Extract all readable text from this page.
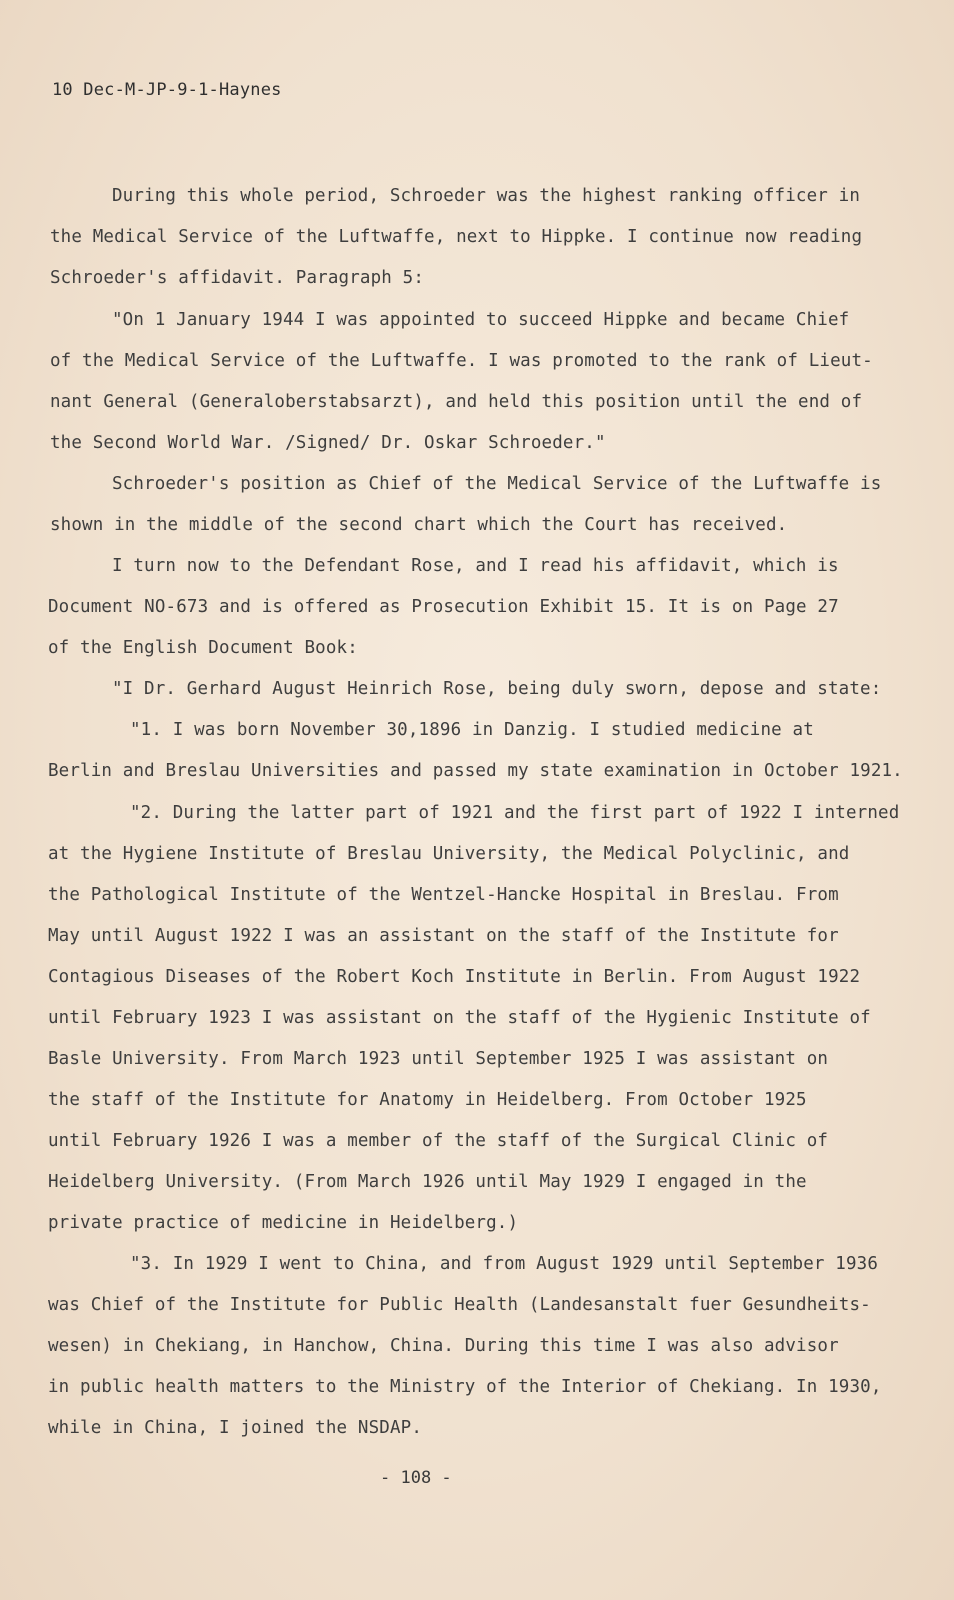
10 Dec-M-JP-9-1-Haynes
During this whole period, Schroeder was the highest ranking officer in
the Medical Service of the Luftwaffe, next to Hippke. I continue now reading
Schroeder's affidavit. Paragraph 5:
"On 1 January 1944 I was appointed to succeed Hippke and became Chief
of the Medical Service of the Luftwaffe. I was promoted to the rank of Lieut-
nant General (Generaloberstabsarzt), and held this position until the end of
the Second World War. /Signed/ Dr. Oskar Schroeder."
Schroeder's position as Chief of the Medical Service of the Luftwaffe is
shown in the middle of the second chart which the Court has received.
I turn now to the Defendant Rose, and I read his affidavit, which is
Document NO-673 and is offered as Prosecution Exhibit 15. It is on Page 27
of the English Document Book:
"I Dr. Gerhard August Heinrich Rose, being duly sworn, depose and state:
"1. I was born November 30,1896 in Danzig. I studied medicine at
Berlin and Breslau Universities and passed my state examination in October 1921.
"2. During the latter part of 1921 and the first part of 1922 I interned
at the Hygiene Institute of Breslau University, the Medical Polyclinic, and
the Pathological Institute of the Wentzel-Hancke Hospital in Breslau. From
May until August 1922 I was an assistant on the staff of the Institute for
Contagious Diseases of the Robert Koch Institute in Berlin. From August 1922
until February 1923 I was assistant on the staff of the Hygienic Institute of
Basle University. From March 1923 until September 1925 I was assistant on
the staff of the Institute for Anatomy in Heidelberg. From October 1925
until February 1926 I was a member of the staff of the Surgical Clinic of
Heidelberg University. (From March 1926 until May 1929 I engaged in the
private practice of medicine in Heidelberg.)
"3. In 1929 I went to China, and from August 1929 until September 1936
was Chief of the Institute for Public Health (Landesanstalt fuer Gesundheits-
wesen) in Chekiang, in Hanchow, China. During this time I was also advisor
in public health matters to the Ministry of the Interior of Chekiang. In 1930,
while in China, I joined the NSDAP.
- 108 -
